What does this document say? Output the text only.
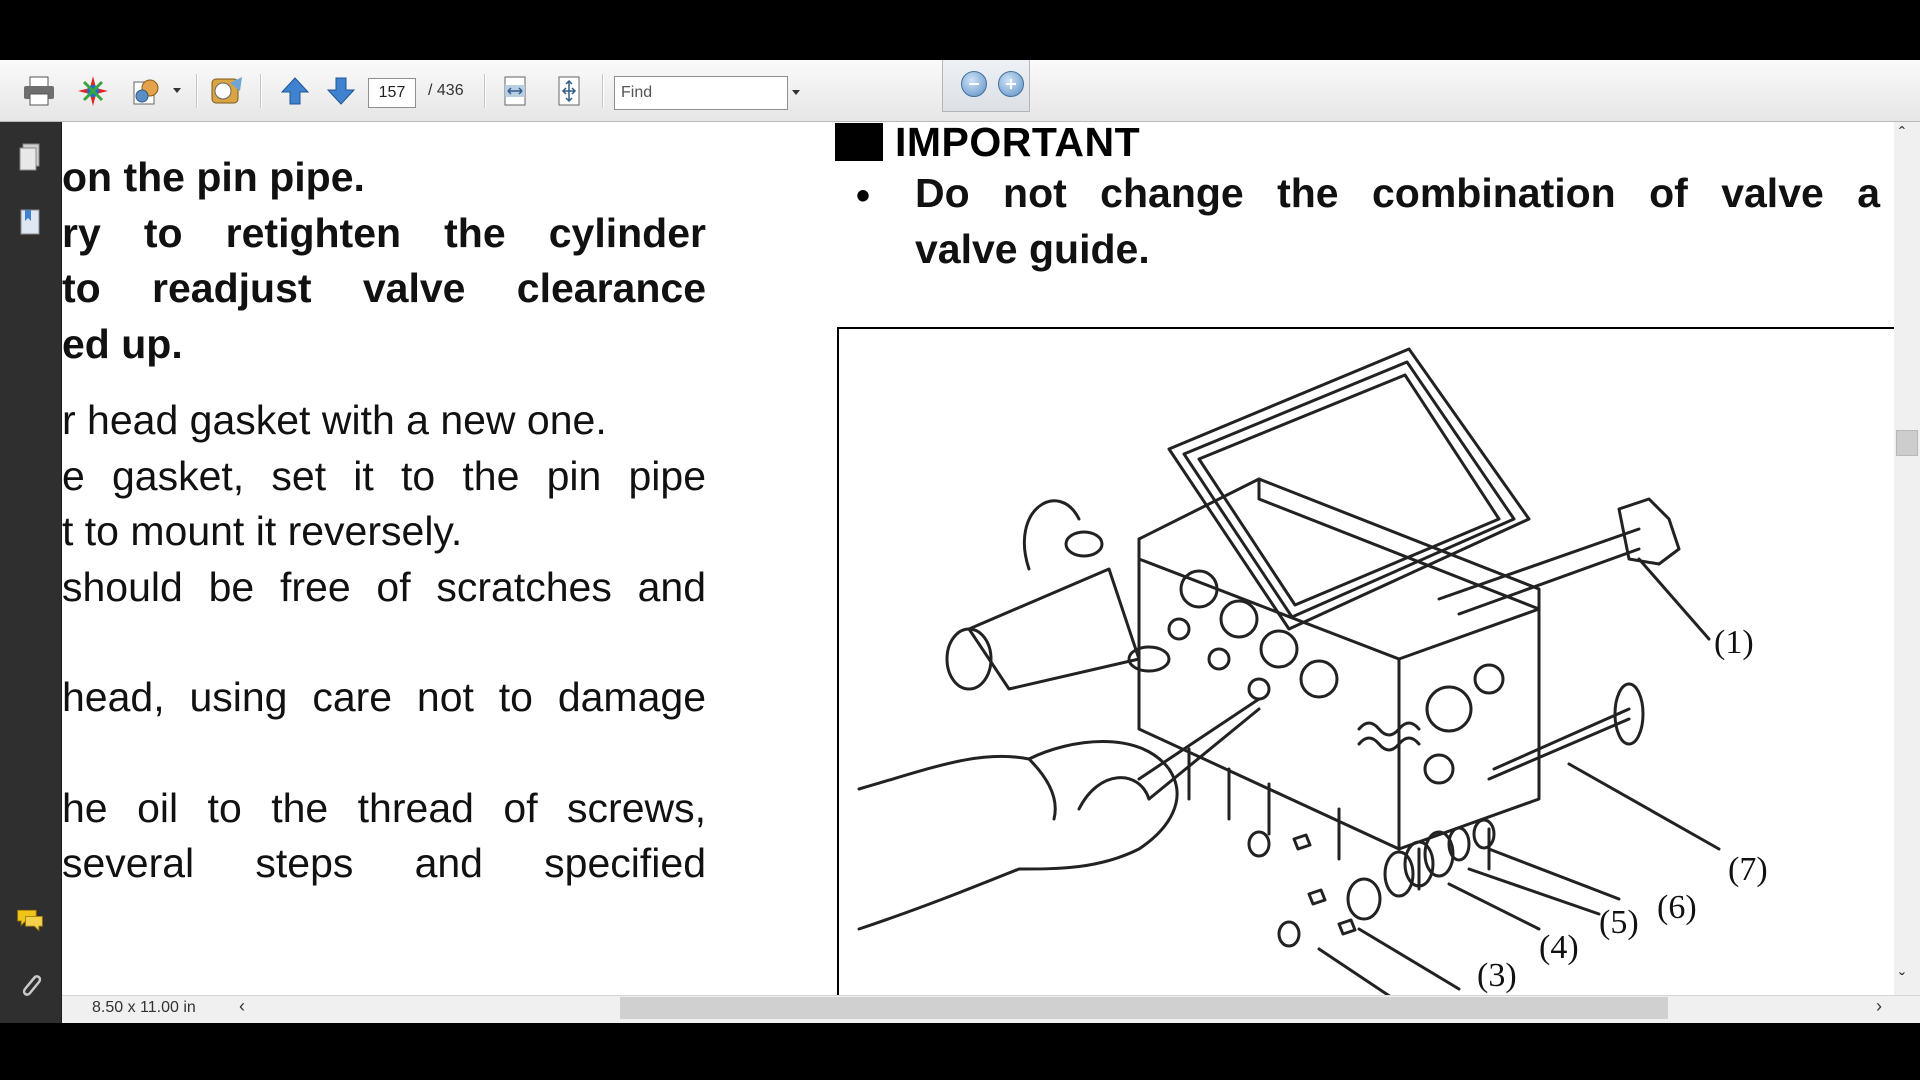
157	/ 436	Find

on the pin pipe.

ry to retighten the cylinder

to readjust valve clearance

ed up.

r head gasket with a new one.

e gasket, set it to the pin pipe

t to mount it reversely.

should be free of scratches and

head, using care not to damage

he oil to the thread of screws,

several steps and specified

IMPORTANT
• Do not change the combination of valve a
valve guide.
(1)
(7)
(6)
(5)
(4)
(3)
ˆ
ˇ
8.50 x 11.00 in ‹	›
